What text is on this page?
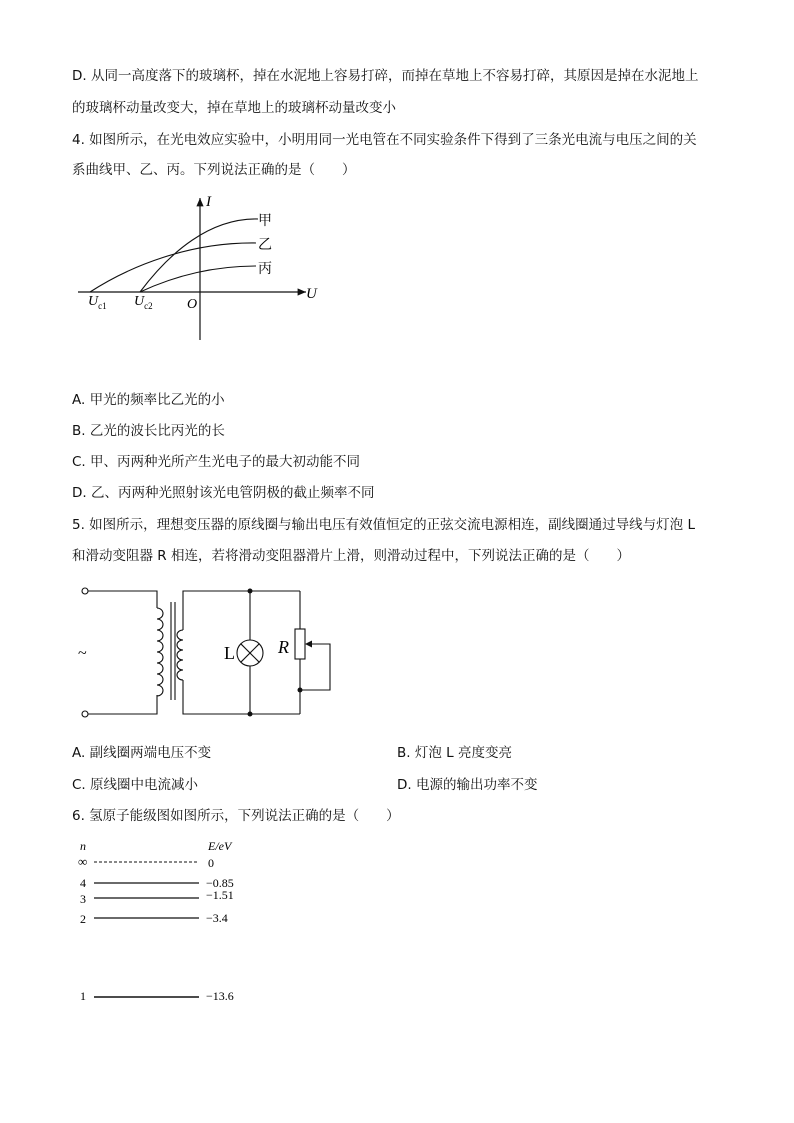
D. 从同一高度落下的玻璃杯，掉在水泥地上容易打碎，而掉在草地上不容易打碎，其原因是掉在水泥地上
的玻璃杯动量改变大，掉在草地上的玻璃杯动量改变小
4. 如图所示，在光电效应实验中，小明用同一光电管在不同实验条件下得到了三条光电流与电压之间的关
系曲线甲、乙、丙。下列说法正确的是（　　）
I
U
O
$U_{c1}$ $U_{c2}$
甲
乙
丙
A. 甲光的频率比乙光的小
B. 乙光的波长比丙光的长
C. 甲、丙两种光所产生光电子的最大初动能不同
D. 乙、丙两种光照射该光电管阴极的截止频率不同
5. 如图所示，理想变压器的原线圈与输出电压有效值恒定的正弦交流电源相连，副线圈通过导线与灯泡 L
和滑动变阻器 R 相连，若将滑动变阻器滑片上滑，则滑动过程中，下列说法正确的是（　　）
~	L R
A. 副线圈两端电压不变	B. 灯泡 L 亮度变亮
C. 原线圈中电流减小	D. 电源的输出功率不变
6. 氢原子能级图如图所示，下列说法正确的是（　　）
n	E/eV
∞	0
4	−0.85
3	−1.51
2	−3.4
1	−13.6
